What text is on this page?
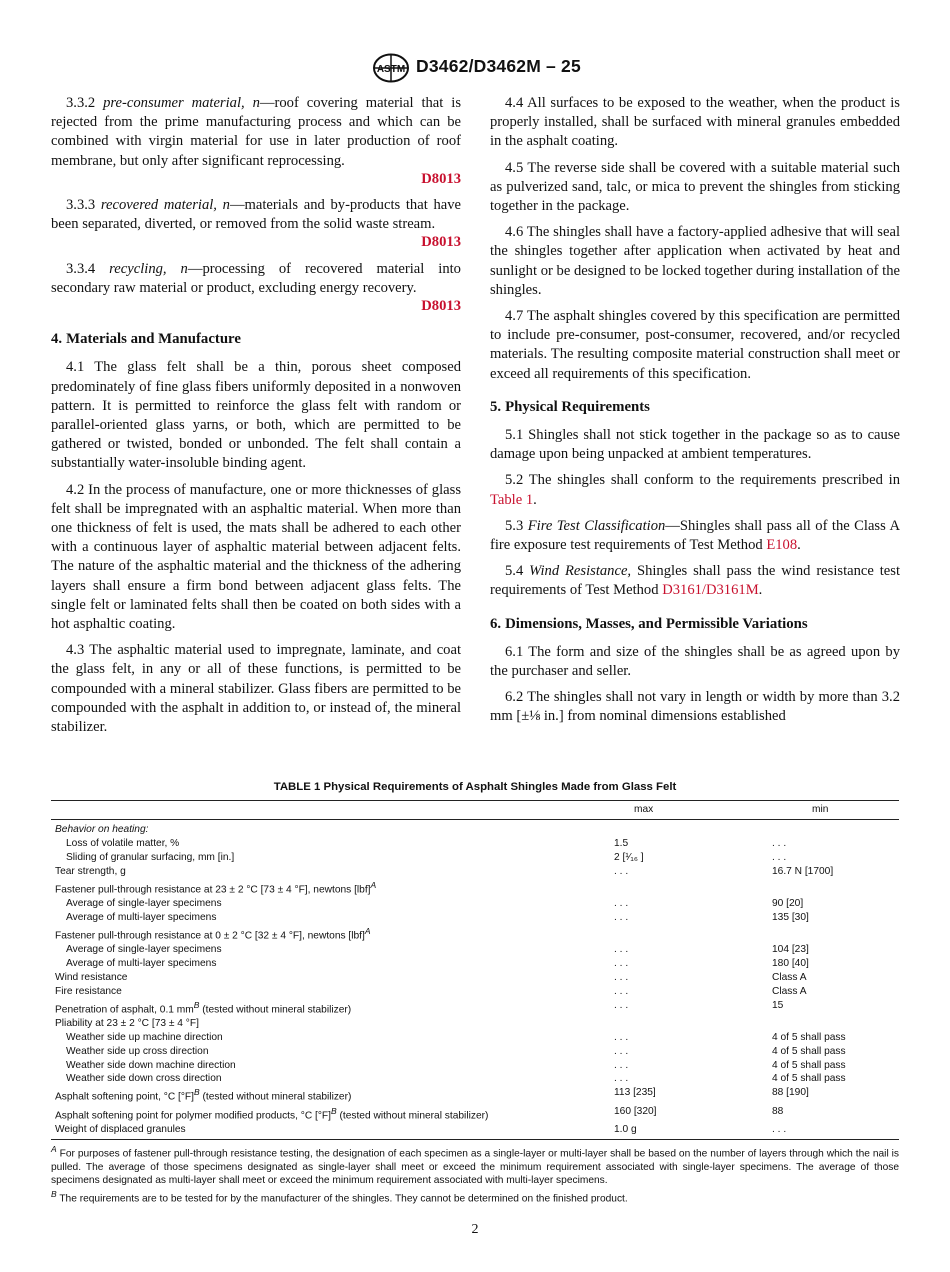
ASTM D3462/D3462M – 25

3.3.2 pre-consumer material, n—roof covering material that is rejected from the prime manufacturing process and which can be combined with virgin material for use in later production of roof membrane, but only after significant reprocessing.
D8013

3.3.3 recovered material, n—materials and by-products that have been separated, diverted, or removed from the solid waste stream.
D8013

3.3.4 recycling, n—processing of recovered material into secondary raw material or product, excluding energy recovery.
D8013

4. Materials and Manufacture

4.1 The glass felt shall be a thin, porous sheet composed predominately of fine glass fibers uniformly deposited in a nonwoven pattern. It is permitted to reinforce the glass felt with random or parallel-oriented glass yarns, or both, which are permitted to be gathered or twisted, bonded or unbonded. The felt shall contain a substantially water-insoluble binding agent.

4.2 In the process of manufacture, one or more thicknesses of glass felt shall be impregnated with an asphaltic material. When more than one thickness of felt is used, the mats shall be adhered to each other with a continuous layer of asphaltic material between adjacent felts. The nature of the asphaltic material and the thickness of the adhering layers shall ensure a firm bond between adjacent glass felts. The single felt or laminated felts shall then be coated on both sides with a hot asphaltic coating.

4.3 The asphaltic material used to impregnate, laminate, and coat the glass felt, in any or all of these functions, is permitted to be compounded with a mineral stabilizer. Glass fibers are permitted to be compounded with the asphalt in addition to, or instead of, the mineral stabilizer.

4.4 All surfaces to be exposed to the weather, when the product is properly installed, shall be surfaced with mineral granules embedded in the asphalt coating.

4.5 The reverse side shall be covered with a suitable material such as pulverized sand, talc, or mica to prevent the shingles from sticking together in the package.

4.6 The shingles shall have a factory-applied adhesive that will seal the shingles together after application when activated by heat and sunlight or be designed to be locked together during installation of the shingles.

4.7 The asphalt shingles covered by this specification are permitted to include pre-consumer, post-consumer, recovered, and/or recycled materials. The resulting composite material construction shall meet or exceed all requirements of this specification.

5. Physical Requirements

5.1 Shingles shall not stick together in the package so as to cause damage upon being unpacked at ambient temperatures.

5.2 The shingles shall conform to the requirements prescribed in Table 1.

5.3 Fire Test Classification—Shingles shall pass all of the Class A fire exposure test requirements of Test Method E108.

5.4 Wind Resistance, Shingles shall pass the wind resistance test requirements of Test Method D3161/D3161M.

6. Dimensions, Masses, and Permissible Variations

6.1 The form and size of the shingles shall be as agreed upon by the purchaser and seller.

6.2 The shingles shall not vary in length or width by more than 3.2 mm [±⅛ in.] from nominal dimensions established

TABLE 1 Physical Requirements of Asphalt Shingles Made from Glass Felt
	max	min
Behavior on heating:		
Loss of volatile matter, %	1.5	. . .
Sliding of granular surfacing, mm [in.]	2 [¹⁄₁₆ ]	. . .
Tear strength, g	. . .	16.7 N [1700]
Fastener pull-through resistance at 23 ± 2 °C [73 ± 4 °F], newtons [lbf]$^A$		
Average of single-layer specimens	. . .	90 [20]
Average of multi-layer specimens	. . .	135 [30]
Fastener pull-through resistance at 0 ± 2 °C [32 ± 4 °F], newtons [lbf]$^A$		
Average of single-layer specimens	. . .	104 [23]
Average of multi-layer specimens	. . .	180 [40]
Wind resistance	. . .	Class A
Fire resistance	. . .	Class A
Penetration of asphalt, 0.1 $mm^B$ (tested without mineral stabilizer)	. . .	15
Pliability at 23 ± 2 °C [73 ± 4 °F]		
Weather side up machine direction	. . .	4 of 5 shall pass
Weather side up cross direction	. . .	4 of 5 shall pass
Weather side down machine direction	. . .	4 of 5 shall pass
Weather side down cross direction	. . .	4 of 5 shall pass
Asphalt softening point, °C $[^\circ F]^B$ (tested without mineral stabilizer)	113 [235]	88 [190]
Asphalt softening point for polymer modified products, °C $[^\circ F]^B$ (tested without mineral stabilizer)	160 [320]	88
Weight of displaced granules	1.0 g	. . .

$^A$ For purposes of fastener pull-through resistance testing, the designation of each specimen as a single-layer or multi-layer shall be based on the number of layers through which the nail is pulled. The average of those specimens designated as single-layer shall meet or exceed the minimum requirement associated with single-layer specimens. The average of those specimens designated as multi-layer shall meet or exceed the minimum requirement associated with multi-layer specimens.

$^B$ The requirements are to be tested for by the manufacturer of the shingles. They cannot be determined on the finished product.

2
